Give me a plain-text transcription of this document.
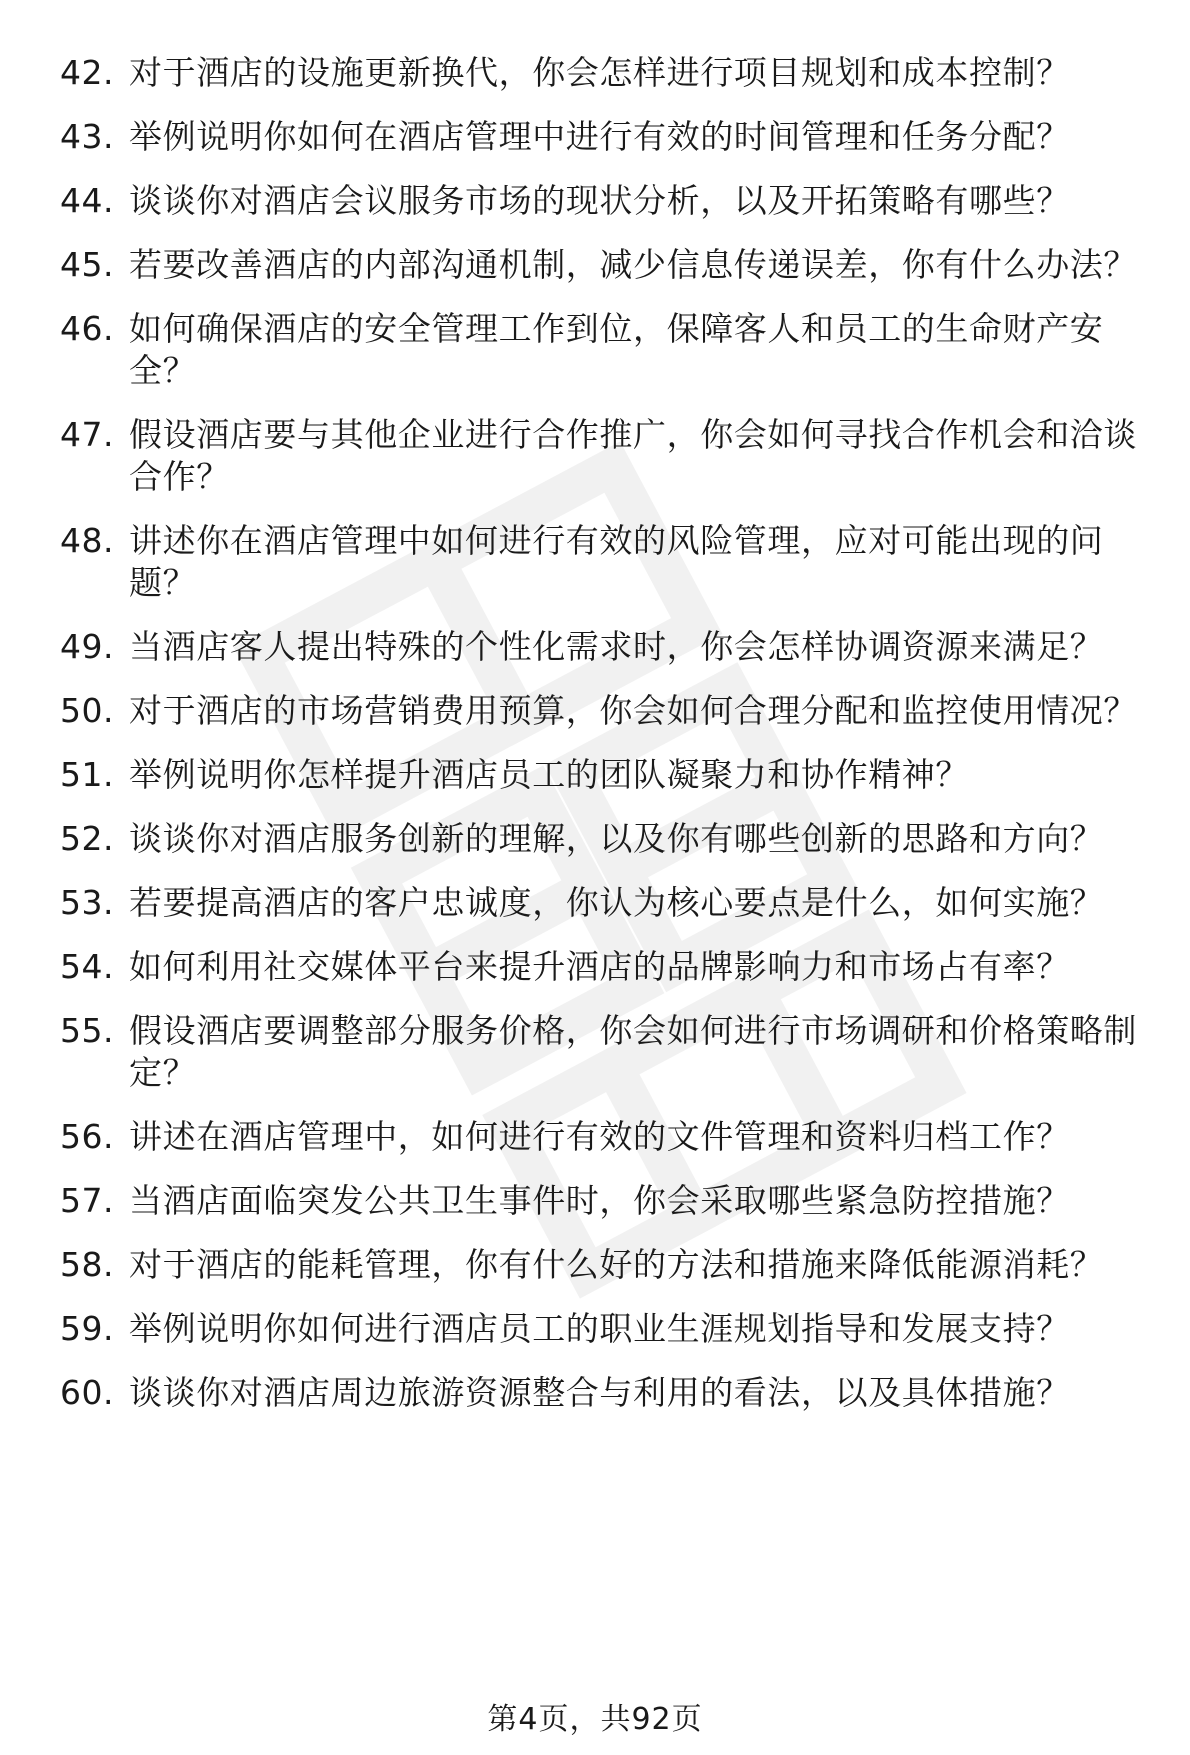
42. 对于酒店的设施更新换代，你会怎样进行项目规划和成本控制？
43. 举例说明你如何在酒店管理中进行有效的时间管理和任务分配？
44. 谈谈你对酒店会议服务市场的现状分析，以及开拓策略有哪些？
45. 若要改善酒店的内部沟通机制，减少信息传递误差，你有什么办法？
46. 如何确保酒店的安全管理工作到位，保障客人和员工的生命财产安全？
47. 假设酒店要与其他企业进行合作推广，你会如何寻找合作机会和洽谈合作？
48. 讲述你在酒店管理中如何进行有效的风险管理，应对可能出现的问题？
49. 当酒店客人提出特殊的个性化需求时，你会怎样协调资源来满足？
50. 对于酒店的市场营销费用预算，你会如何合理分配和监控使用情况？
51. 举例说明你怎样提升酒店员工的团队凝聚力和协作精神？
52. 谈谈你对酒店服务创新的理解，以及你有哪些创新的思路和方向？
53. 若要提高酒店的客户忠诚度，你认为核心要点是什么，如何实施？
54. 如何利用社交媒体平台来提升酒店的品牌影响力和市场占有率？
55. 假设酒店要调整部分服务价格，你会如何进行市场调研和价格策略制定？
56. 讲述在酒店管理中，如何进行有效的文件管理和资料归档工作？
57. 当酒店面临突发公共卫生事件时，你会采取哪些紧急防控措施？
58. 对于酒店的能耗管理，你有什么好的方法和措施来降低能源消耗？
59. 举例说明你如何进行酒店员工的职业生涯规划指导和发展支持？
60. 谈谈你对酒店周边旅游资源整合与利用的看法，以及具体措施？
第4页，共92页
